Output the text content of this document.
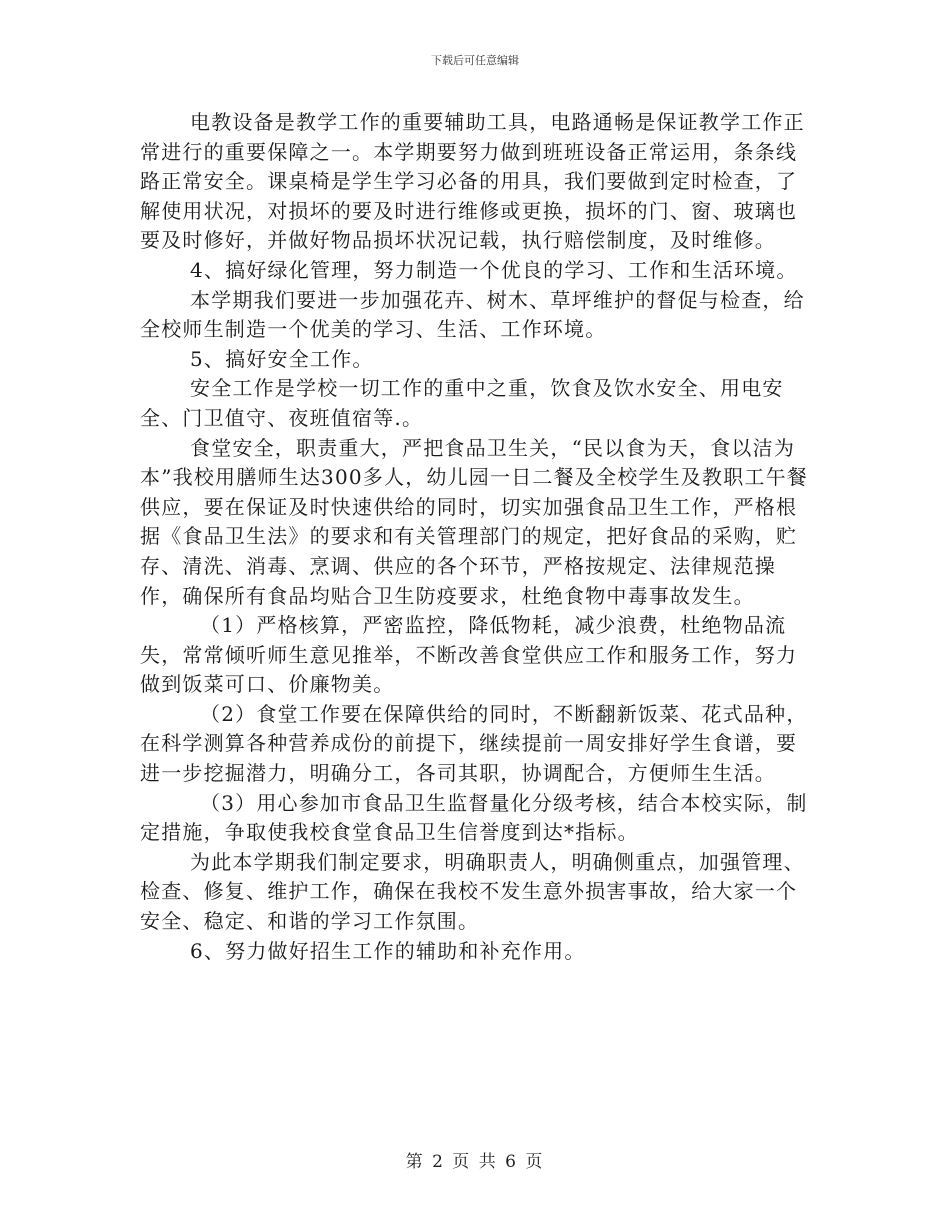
下载后可任意编辑

电教设备是教学工作的重要辅助工具，电路通畅是保证教学工作正常进行的重要保障之一。本学期要努力做到班班设备正常运用，条条线路正常安全。课桌椅是学生学习必备的用具，我们要做到定时检查，了解使用状况，对损坏的要及时进行维修或更换，损坏的门、窗、玻璃也要及时修好，并做好物品损坏状况记载，执行赔偿制度，及时维修。

4、搞好绿化管理，努力制造一个优良的学习、工作和生活环境。

本学期我们要进一步加强花卉、树木、草坪维护的督促与检查，给全校师生制造一个优美的学习、生活、工作环境。

5、搞好安全工作。

安全工作是学校一切工作的重中之重，饮食及饮水安全、用电安全、门卫值守、夜班值宿等.。

食堂安全，职责重大，严把食品卫生关，“民以食为天，食以洁为本”我校用膳师生达300多人，幼儿园一日二餐及全校学生及教职工午餐供应，要在保证及时快速供给的同时，切实加强食品卫生工作，严格根据《食品卫生法》的要求和有关管理部门的规定，把好食品的采购，贮存、清洗、消毒、烹调、供应的各个环节，严格按规定、法律规范操作，确保所有食品均贴合卫生防疫要求，杜绝食物中毒事故发生。

（1）严格核算，严密监控，降低物耗，减少浪费，杜绝物品流失，常常倾听师生意见推举，不断改善食堂供应工作和服务工作，努力做到饭菜可口、价廉物美。

（2）食堂工作要在保障供给的同时，不断翻新饭菜、花式品种，在科学测算各种营养成份的前提下，继续提前一周安排好学生食谱，要进一步挖掘潜力，明确分工，各司其职，协调配合，方便师生生活。

（3）用心参加市食品卫生监督量化分级考核，结合本校实际，制定措施，争取使我校食堂食品卫生信誉度到达*指标。

为此本学期我们制定要求，明确职责人，明确侧重点，加强管理、检查、修复、维护工作，确保在我校不发生意外损害事故，给大家一个安全、稳定、和谐的学习工作氛围。

6、努力做好招生工作的辅助和补充作用。

第 2 页 共 6 页
